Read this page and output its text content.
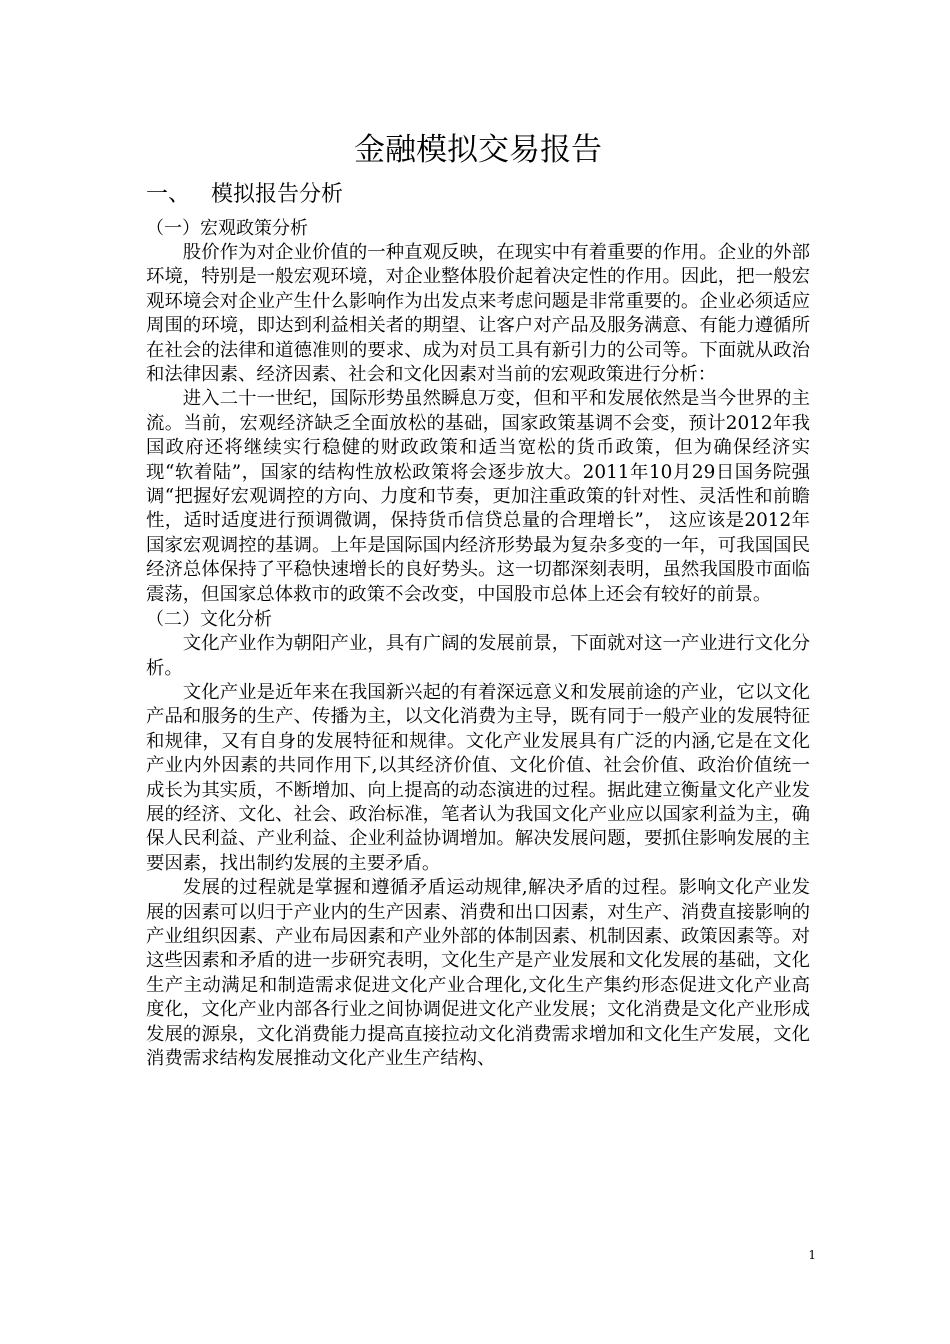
金融模拟交易报告
一、   模拟报告分析
（一）宏观政策分析

股价作为对企业价值的一种直观反映，在现实中有着重要的作用。企业的外部环境，特别是一般宏观环境，对企业整体股价起着决定性的作用。因此，把一般宏观环境会对企业产生什么影响作为出发点来考虑问题是非常重要的。企业必须适应周围的环境，即达到利益相关者的期望、让客户对产品及服务满意、有能力遵循所在社会的法律和道德准则的要求、成为对员工具有新引力的公司等。下面就从政治和法律因素、经济因素、社会和文化因素对当前的宏观政策进行分析：

进入二十一世纪，国际形势虽然瞬息万变，但和平和发展依然是当今世界的主流。当前，宏观经济缺乏全面放松的基础，国家政策基调不会变，预计2012年我国政府还将继续实行稳健的财政政策和适当宽松的货币政策，但为确保经济实现“软着陆”，国家的结构性放松政策将会逐步放大。2011年10月29日国务院强调“把握好宏观调控的方向、力度和节奏，更加注重政策的针对性、灵活性和前瞻性，适时适度进行预调微调，保持货币信贷总量的合理增长”， 这应该是2012年国家宏观调控的基调。上年是国际国内经济形势最为复杂多变的一年，可我国国民经济总体保持了平稳快速增长的良好势头。这一切都深刻表明，虽然我国股市面临震荡，但国家总体救市的政策不会改变，中国股市总体上还会有较好的前景。

（二）文化分析

文化产业作为朝阳产业，具有广阔的发展前景，下面就对这一产业进行文化分析。

文化产业是近年来在我国新兴起的有着深远意义和发展前途的产业，它以文化产品和服务的生产、传播为主，以文化消费为主导，既有同于一般产业的发展特征和规律，又有自身的发展特征和规律。文化产业发展具有广泛的内涵,它是在文化产业内外因素的共同作用下,以其经济价值、文化价值、社会价值、政治价值统一成长为其实质，不断增加、向上提高的动态演进的过程。据此建立衡量文化产业发展的经济、文化、社会、政治标准，笔者认为我国文化产业应以国家利益为主，确保人民利益、产业利益、企业利益协调增加。解决发展问题，要抓住影响发展的主要因素，找出制约发展的主要矛盾。

发展的过程就是掌握和遵循矛盾运动规律,解决矛盾的过程。影响文化产业发展的因素可以归于产业内的生产因素、消费和出口因素，对生产、消费直接影响的产业组织因素、产业布局因素和产业外部的体制因素、机制因素、政策因素等。对这些因素和矛盾的进一步研究表明，文化生产是产业发展和文化发展的基础，文化生产主动满足和制造需求促进文化产业合理化,文化生产集约形态促进文化产业高度化，文化产业内部各行业之间协调促进文化产业发展；文化消费是文化产业形成发展的源泉，文化消费能力提高直接拉动文化消费需求增加和文化生产发展，文化消费需求结构发展推动文化产业生产结构、

1
